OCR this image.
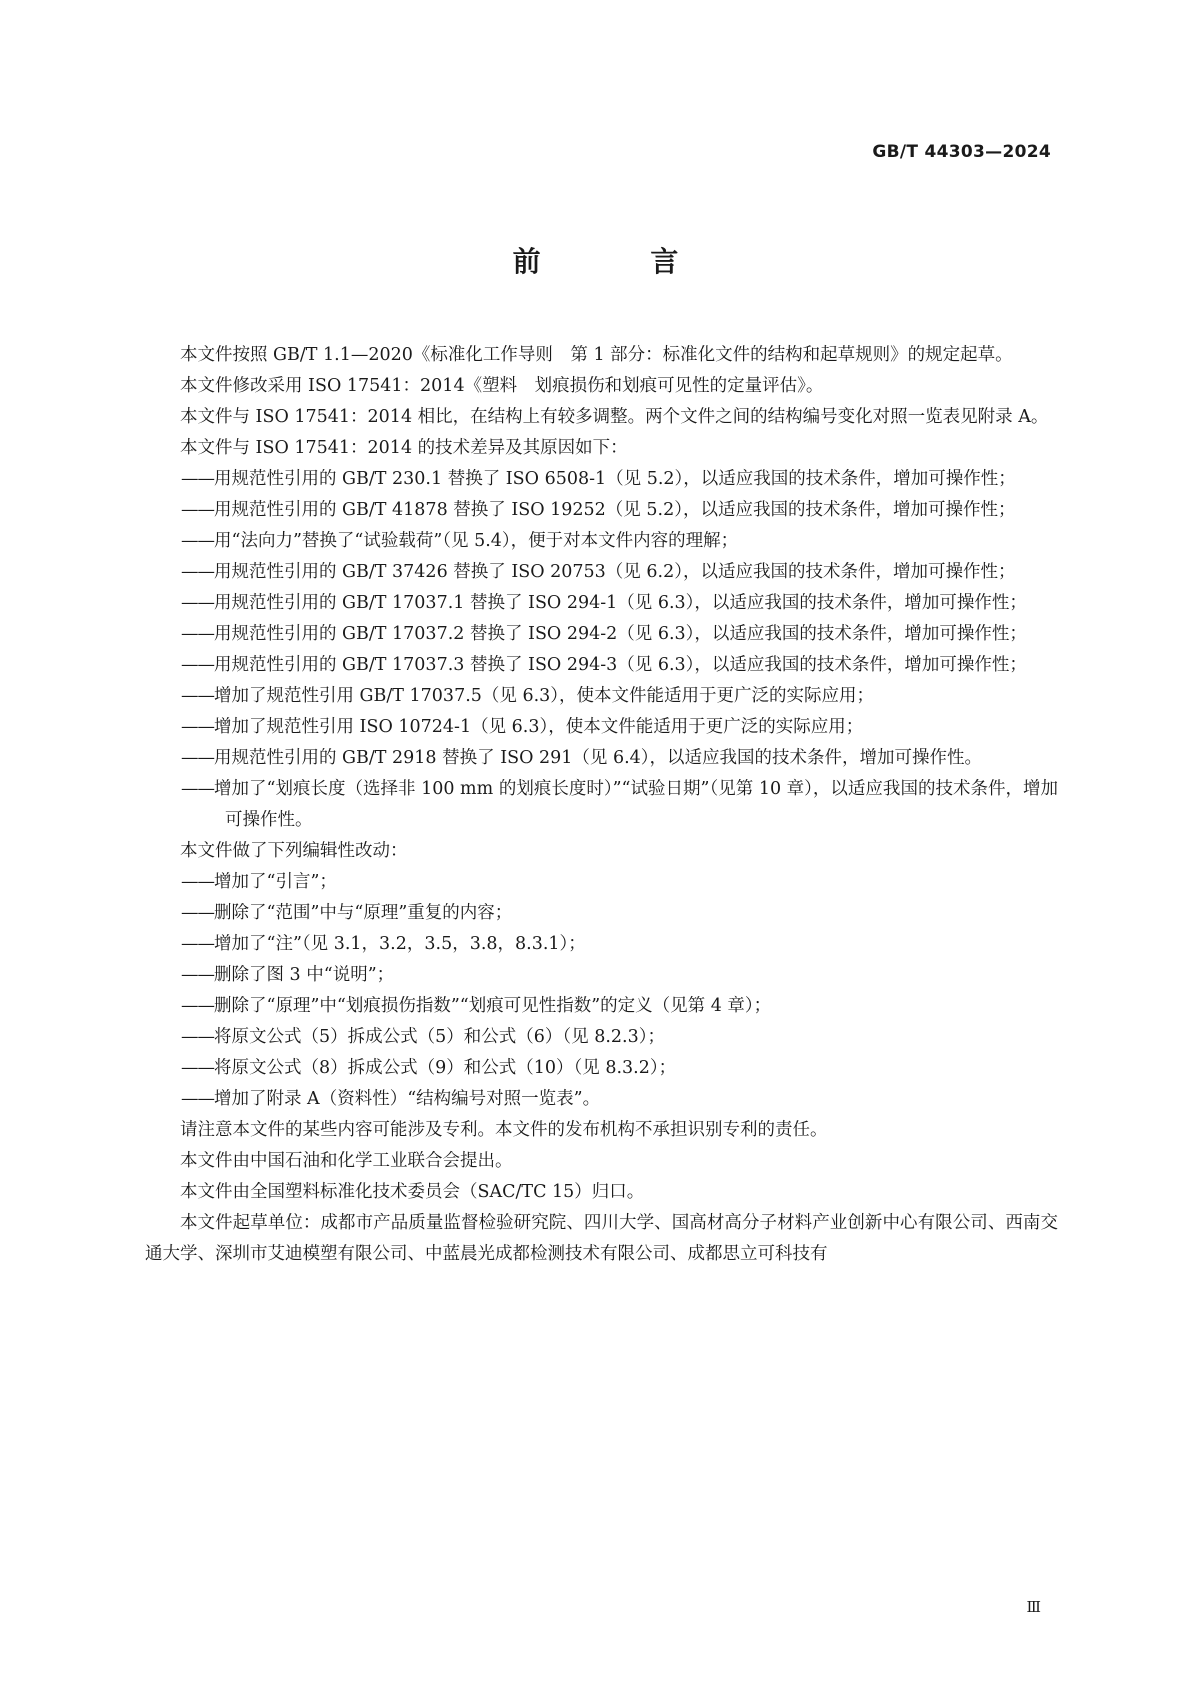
GB/T 44303—2024
前 言

本文件按照 GB/T 1.1—2020《标准化工作导则　第 1 部分：标准化文件的结构和起草规则》的规定起草。

本文件修改采用 ISO 17541：2014《塑料　划痕损伤和划痕可见性的定量评估》。

本文件与 ISO 17541：2014 相比，在结构上有较多调整。两个文件之间的结构编号变化对照一览表见附录 A。

本文件与 ISO 17541：2014 的技术差异及其原因如下：

——用规范性引用的 GB/T 230.1 替换了 ISO 6508-1（见 5.2），以适应我国的技术条件，增加可操作性；

——用规范性引用的 GB/T 41878 替换了 ISO 19252（见 5.2），以适应我国的技术条件，增加可操作性；

——用“法向力”替换了“试验载荷”（见 5.4），便于对本文件内容的理解；

——用规范性引用的 GB/T 37426 替换了 ISO 20753（见 6.2），以适应我国的技术条件，增加可操作性；

——用规范性引用的 GB/T 17037.1 替换了 ISO 294-1（见 6.3），以适应我国的技术条件，增加可操作性；

——用规范性引用的 GB/T 17037.2 替换了 ISO 294-2（见 6.3），以适应我国的技术条件，增加可操作性；

——用规范性引用的 GB/T 17037.3 替换了 ISO 294-3（见 6.3），以适应我国的技术条件，增加可操作性；

——增加了规范性引用 GB/T 17037.5（见 6.3），使本文件能适用于更广泛的实际应用；

——增加了规范性引用 ISO 10724-1（见 6.3），使本文件能适用于更广泛的实际应用；

——用规范性引用的 GB/T 2918 替换了 ISO 291（见 6.4），以适应我国的技术条件，增加可操作性。

——增加了“划痕长度（选择非 100 mm 的划痕长度时）”“试验日期”（见第 10 章），以适应我国的技术条件，增加可操作性。

本文件做了下列编辑性改动：

——增加了“引言”；

——删除了“范围”中与“原理”重复的内容；

——增加了“注”（见 3.1，3.2，3.5，3.8，8.3.1）；

——删除了图 3 中“说明”；

——删除了“原理”中“划痕损伤指数”“划痕可见性指数”的定义（见第 4 章）；

——将原文公式（5）拆成公式（5）和公式（6）（见 8.2.3）；

——将原文公式（8）拆成公式（9）和公式（10）（见 8.3.2）；

——增加了附录 A（资料性）“结构编号对照一览表”。

请注意本文件的某些内容可能涉及专利。本文件的发布机构不承担识别专利的责任。

本文件由中国石油和化学工业联合会提出。

本文件由全国塑料标准化技术委员会（SAC/TC 15）归口。

本文件起草单位：成都市产品质量监督检验研究院、四川大学、国高材高分子材料产业创新中心有限公司、西南交通大学、深圳市艾迪模塑有限公司、中蓝晨光成都检测技术有限公司、成都思立可科技有

Ⅲ
